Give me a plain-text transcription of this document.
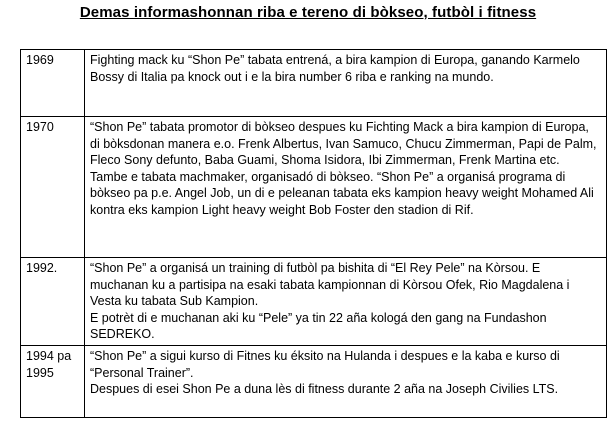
Demas informashonnan riba e tereno di bòkseo, futbòl i fitness
1969	Fighting mack ku “Shon Pe” tabata entrená, a bira kampion di Europa, ganando Karmelo Bossy di Italia pa knock out i e la bira number 6 riba e ranking na mundo.

1970	“Shon Pe” tabata promotor di bòkseo despues ku Fichting Mack a bira kampion di Europa, di bòksdonan manera e.o. Frenk Albertus, Ivan Samuco, Chucu Zimmerman, Papi de Palm, Fleco Sony defunto, Baba Guami, Shoma Isidora, Ibi Zimmerman, Frenk Martina etc.
Tambe e tabata machmaker, organisadó di bòkseo. “Shon Pe” a organisá programa di bòkseo pa p.e. Angel Job, un di e peleanan tabata eks kampion heavy weight Mohamed Ali kontra eks kampion Light heavy weight Bob Foster den stadion di Rif.

1992.	“Shon Pe” a organisá un training di futbòl pa bishita di “El Rey Pele” na Kòrsou. E muchanan ku a partisipa na esaki tabata kampionnan di Kòrsou Ofek, Rio Magdalena i Vesta ku tabata Sub Kampion.
E potrèt di e muchanan aki ku “Pele” ya tin 22 aña kologá den gang na Fundashon SEDREKO.

1994 pa 1995	“Shon Pe” a sigui kurso di Fitnes ku éksito na Hulanda i despues e la kaba e kurso di “Personal Trainer”.
Despues di esei Shon Pe a duna lès di fitness durante 2 aña na Joseph Civilies LTS.
